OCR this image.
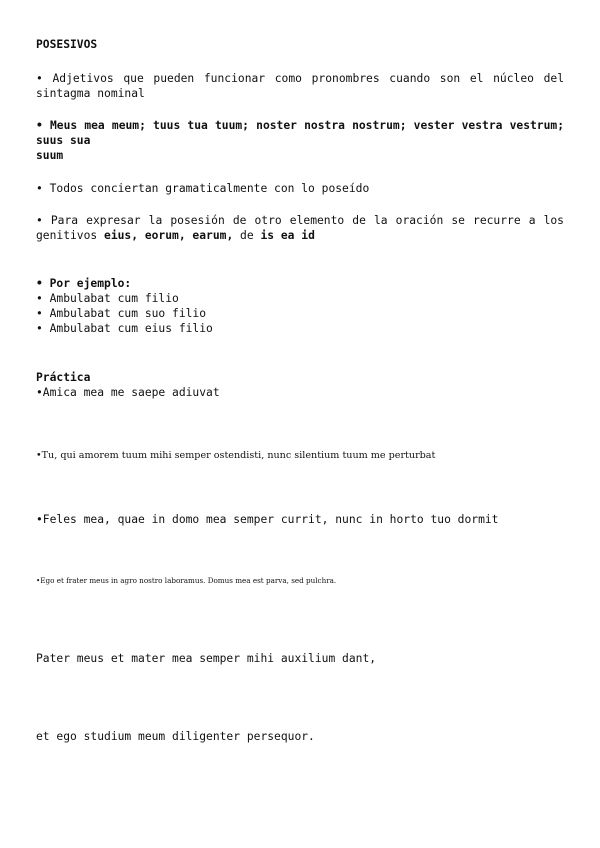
POSESIVOS

• Adjetivos que pueden funcionar como pronombres cuando son el núcleo del sintagma nominal

• Meus mea meum; tuus tua tuum; noster nostra nostrum; vester vestra vestrum; suus sua
suum

• Todos conciertan gramaticalmente con lo poseído

• Para expresar la posesión de otro elemento de la oración se recurre a los genitivos eius, eorum, earum, de is ea id

• Por ejemplo:
• Ambulabat cum filio
• Ambulabat cum suo filio
• Ambulabat cum eius filio
Práctica
•Amica mea me saepe adiuvat

•Tu, qui amorem tuum mihi semper ostendisti, nunc silentium tuum me perturbat

•Feles mea, quae in domo mea semper currit, nunc in horto tuo dormit

•Ego et frater meus in agro nostro laboramus. Domus mea est parva, sed pulchra.

Pater meus et mater mea semper mihi auxilium dant,

et ego studium meum diligenter persequor.
